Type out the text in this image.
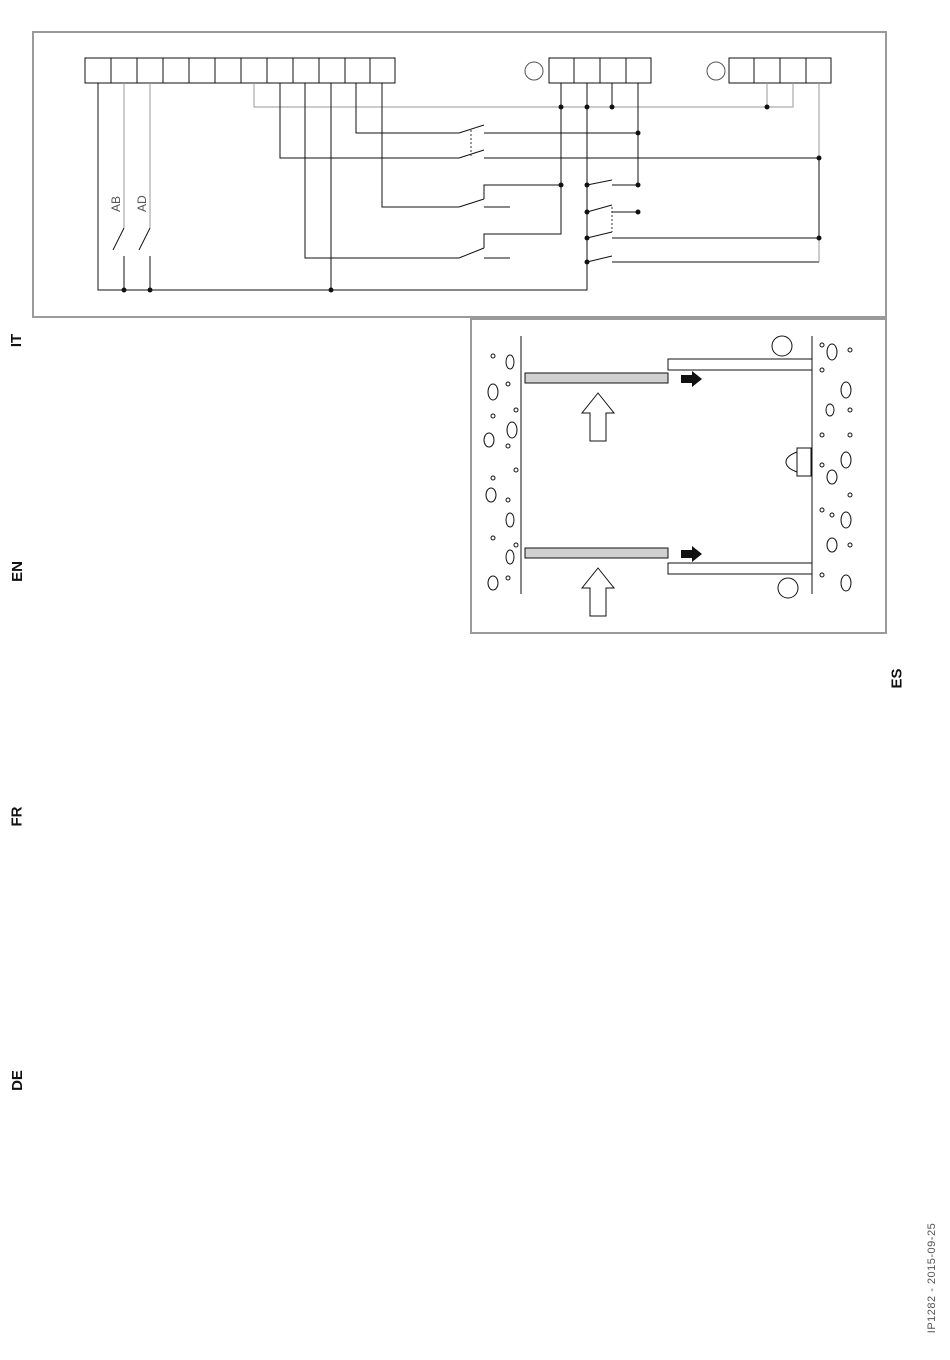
AB AD
IT
EN
ES
FR
DE
IP1282 - 2015-09-25
